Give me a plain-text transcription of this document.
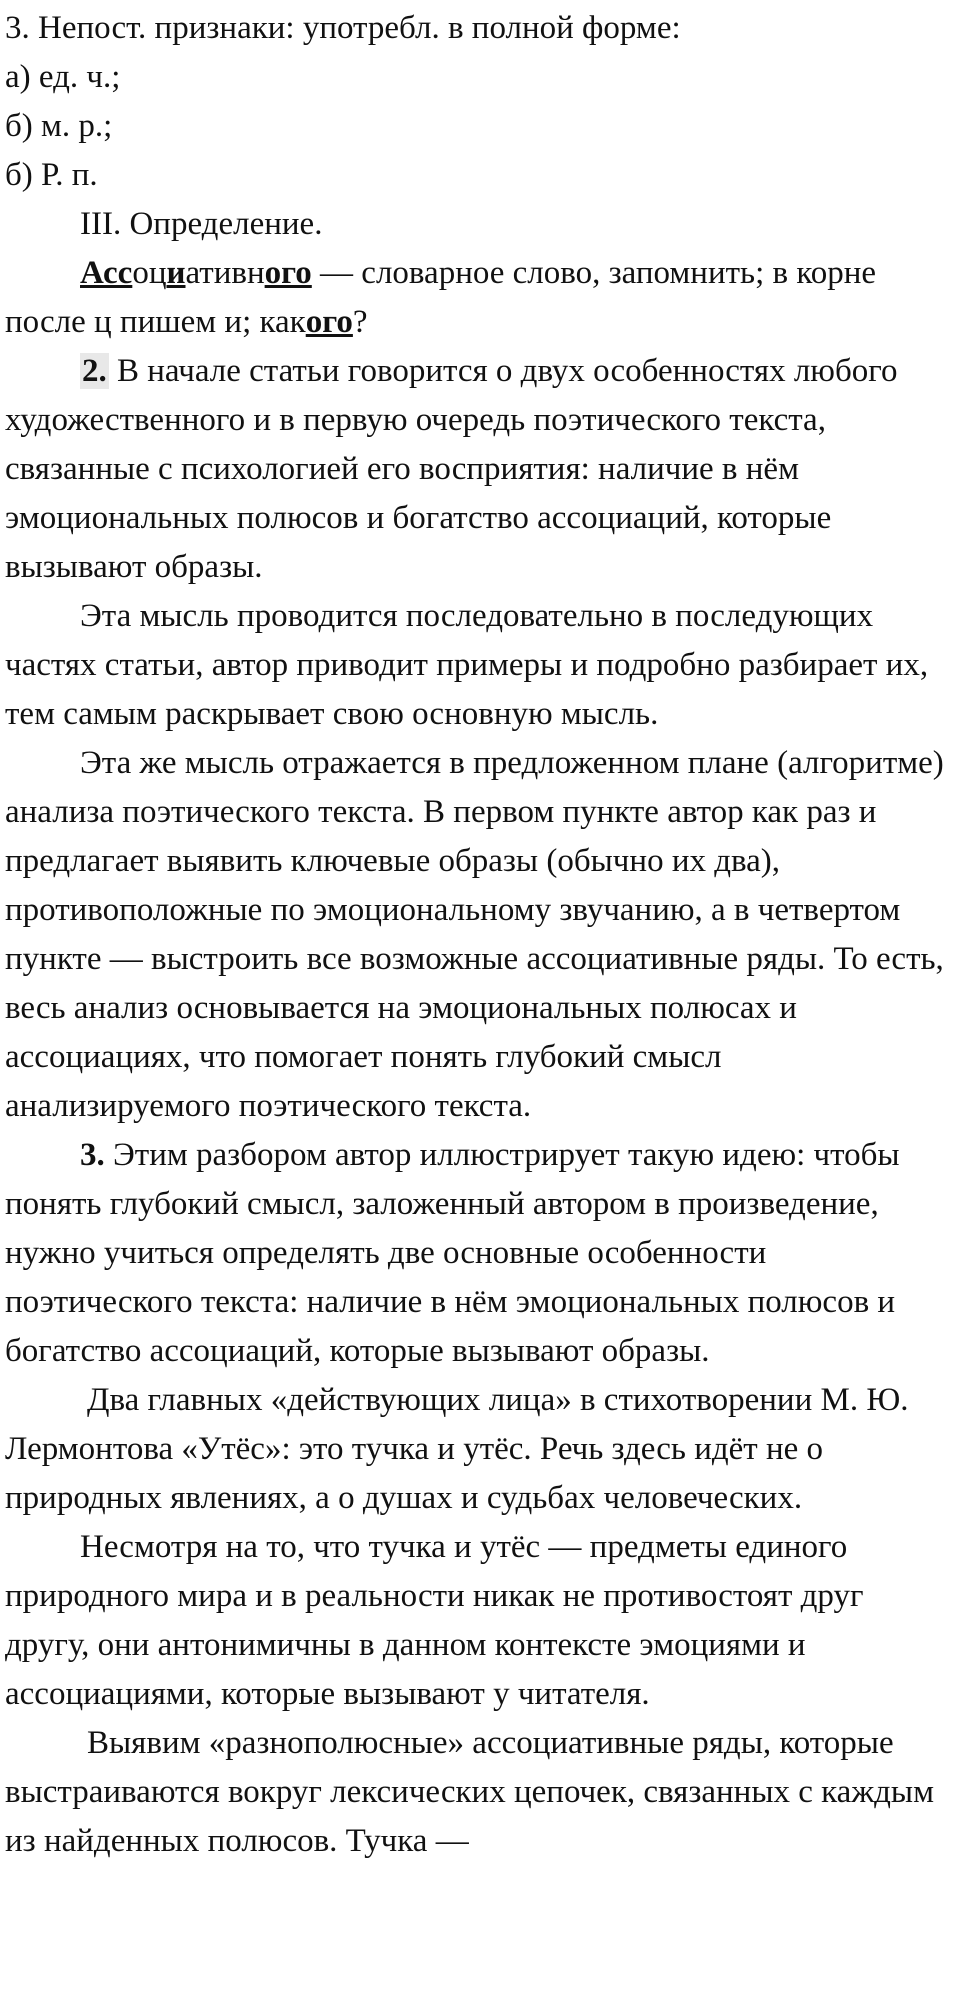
3. Непост. признаки: употребл. в полной форме:

а) ед. ч.;

б) м. р.;

б) Р. п.

III. Определение.

Ассоциативного — словарное слово, запомнить; в корне после ц пишем и; какого?

2. В начале статьи говорится о двух особенностях любого художественного и в первую очередь поэтического текста, связанные с психологией его восприятия: наличие в нём эмоциональных полюсов и богатство ассоциаций, которые вызывают образы.

Эта мысль проводится последовательно в последующих частях статьи, автор приводит примеры и подробно разбирает их, тем самым раскрывает свою основную мысль.

Эта же мысль отражается в предложенном плане (алгоритме) анализа поэтического текста. В первом пункте автор как раз и предлагает выявить ключевые образы (обычно их два), противоположные по эмоциональному звучанию, а в четвертом пункте — выстроить все возможные ассоциативные ряды. То есть, весь анализ основывается на эмоциональных полюсах и ассоциациях, что помогает понять глубокий смысл анализируемого поэтического текста.

3. Этим разбором автор иллюстрирует такую идею: чтобы понять глубокий смысл, заложенный автором в произведение, нужно учиться определять две основные особенности поэтического текста: наличие в нём эмоциональных полюсов и богатство ассоциаций, которые вызывают образы.

Два главных «действующих лица» в стихотворении М. Ю. Лермонтова «Утёс»: это тучка и утёс. Речь здесь идёт не о природных явлениях, а о душах и судьбах человеческих.

Несмотря на то, что тучка и утёс — предметы единого природного мира и в реальности никак не противостоят друг другу, они антонимичны в данном контексте эмоциями и ассоциациями, которые вызывают у читателя.

Выявим «разнополюсные» ассоциативные ряды, которые выстраиваются вокруг лексических цепочек, связанных с каждым из найденных полюсов. Тучка —
